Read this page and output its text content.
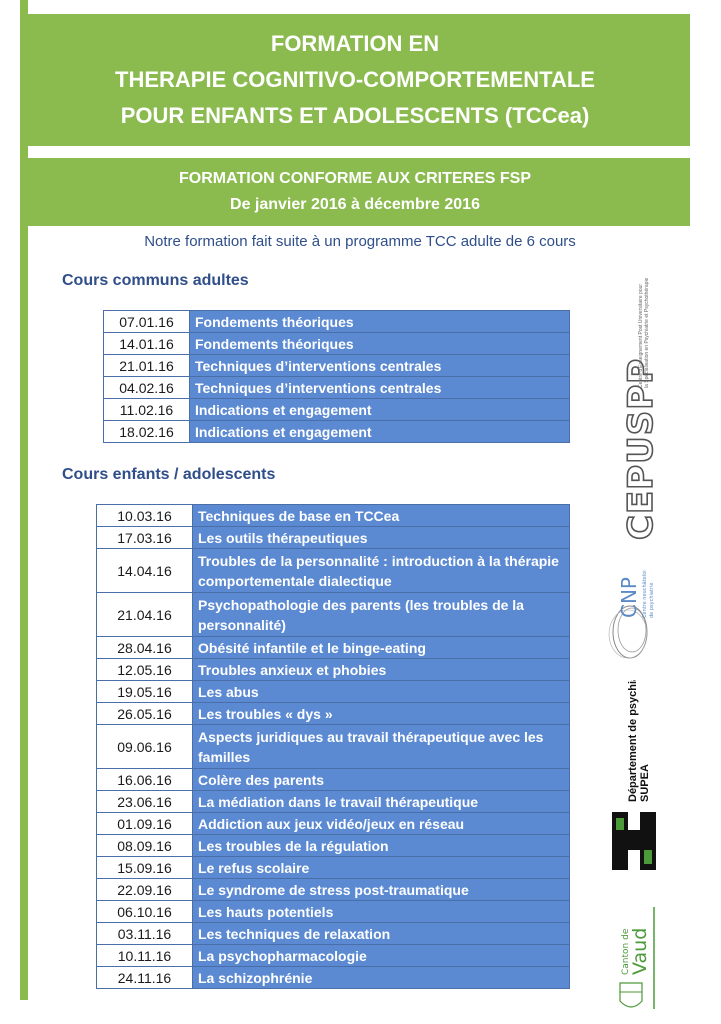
FORMATION EN
THERAPIE COGNITIVO-COMPORTEMENTALE
POUR ENFANTS ET ADOLESCENTS (TCCea)
FORMATION CONFORME AUX CRITERES FSP
De janvier 2016 à décembre 2016
Notre formation fait suite à un programme TCC adulte de 6 cours
Cours communs adultes
07.01.16	Fondements théoriques
14.01.16	Fondements théoriques
21.01.16	Techniques d’interventions centrales
04.02.16	Techniques d’interventions centrales
11.02.16	Indications et engagement
18.02.16	Indications et engagement
Cours enfants / adolescents
10.03.16	Techniques de base en TCCea
17.03.16	Les outils thérapeutiques
14.04.16	Troubles de la personnalité : introduction à la thérapie comportementale dialectique
21.04.16	Psychopathologie des parents (les troubles de la personnalité)
28.04.16	Obésité infantile et le binge-eating
12.05.16	Troubles anxieux et phobies
19.05.16	Les abus
26.05.16	Les troubles « dys »
09.06.16	Aspects juridiques au travail thérapeutique avec les familles
16.06.16	Colère des parents
23.06.16	La médiation dans le travail thérapeutique
01.09.16	Addiction aux jeux vidéo/jeux en réseau
08.09.16	Les troubles de la régulation
15.09.16	Le refus scolaire
22.09.16	Le syndrome de stress post-traumatique
06.10.16	Les hauts potentiels
03.11.16	Les techniques de relaxation
10.11.16	La psychopharmacologie
24.11.16	La schizophrénie
CEPUSPP
Centre d'Enseignement Post Universitaire pour la Spécialisation en Psychiatrie et Psychothérapie
CNP Centre neuchâtelois de psychiatrie
Département de psychiatrie SUPEA
Canton de
Vaud
